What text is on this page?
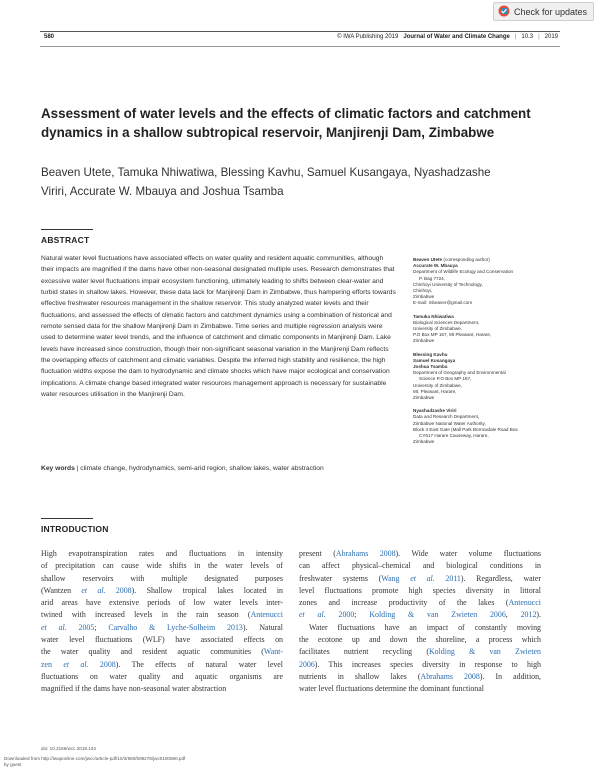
Check for updates
580	© IWA Publishing 2019 Journal of Water and Climate Change | 10.3 | 2019
Assessment of water levels and the effects of climatic factors and catchment dynamics in a shallow subtropical reservoir, Manjirenji Dam, Zimbabwe
Beaven Utete, Tamuka Nhiwatiwa, Blessing Kavhu, Samuel Kusangaya, Nyashadzashe Viriri, Accurate W. Mbauya and Joshua Tsamba
ABSTRACT
Natural water level fluctuations have associated effects on water quality and resident aquatic communities, although their impacts are magnified if the dams have other non-seasonal designated multiple uses. Research demonstrates that excessive water level fluctuations impair ecosystem functioning, ultimately leading to shifts between clear-water and turbid states in shallow lakes. However, these data lack for Manjirenji Dam in Zimbabwe, thus hampering efforts towards effective freshwater resources management in the shallow reservoir. This study analyzed water levels and their fluctuations, and assessed the effects of climatic factors and catchment dynamics using a combination of historical and remote sensed data for the shallow Manjirenji Dam in Zimbabwe. Time series and multiple regression analysis were used to determine water level trends, and the influence of catchment and climatic components in Manjirenji Dam. Lake levels have increased since construction, though their non-significant seasonal variation in the Manjirenji Dam reflects the overlapping effects of catchment and climatic variables. Despite the inferred high stability and resilience, the high fluctuation widths expose the dam to hydrodynamic and climate shocks which have major ecological and conservation implications. A climate change based integrated water resources management approach is necessary for sustainable water resources utilisation in the Manjirenji Dam.
Key words | climate change, hydrodynamics, semi-arid region, shallow lakes, water abstraction
Beaven Utete (corresponding author)
Accurate W. Mbauya
Department of Wildlife Ecology and Conservation
P. Bag 7724,
Chinhoyi University of Technology,
Chinhoyi,
Zimbabwe
E-mail: mbeaver@gmail.com
Tamuka Nhiwatiwa
Biological Sciences Department,
University of Zimbabwe,
P.O Box MP 167, Mt Pleasant, Harare,
Zimbabwe
Blessing Kavhu
Samuel Kusangaya
Joshua Tsamba
Department of Geography and Environmental
Science P.O Box MP 167,
University of Zimbabwe,
Mt. Pleasant, Harare,
Zimbabwe
Nyashadzashe Viriri
Data and Research Department,
Zimbabwe National Water Authority,
Block 4 East Gate (Mall Park Borrowdale Road Box
CY617 Harare Causeway, Harare,
Zimbabwe
INTRODUCTION
High evapotranspiration rates and fluctuations in intensity
of precipitation can cause wide shifts in the water levels of
shallow reservoirs with multiple designated purposes
(Wantzen et al. 2008). Shallow tropical lakes located in
arid areas have extensive periods of low water levels inter-
twined with increased levels in the rain season (Antenucci
et al. 2005; Carvalho & Lyche-Solheim 2013). Natural
water level fluctuations (WLF) have associated effects on
the water quality and resident aquatic communities (Want-
zen et al. 2008). The effects of natural water level
fluctuations on water quality and aquatic organisms are
magnified if the dams have non-seasonal water abstraction
present (Abrahams 2008). Wide water volume fluctuations
can affect physical–chemical and biological conditions in
freshwater systems (Wang et al. 2011). Regardless, water
level fluctuations promote high species diversity in littoral
zones and increase productivity of the lakes (Antenucci
et al. 2000; Kolding & van Zwieten 2006, 2012).
Water fluctuations have an impact of constantly moving
the ecotone up and down the shoreline, a process which
facilitates nutrient recycling (Kolding & van Zwieten
2006). This increases species diversity in response to high
nutrients in shallow lakes (Abrahams 2008). In addition,
water level fluctuations determine the dominant functional
doi: 10.2166/wcc.2018.134
Downloaded from http://iwaponline.com/jwcc/article-pdf/10/3/580/598278/jwc0100580.pdf
by guest
